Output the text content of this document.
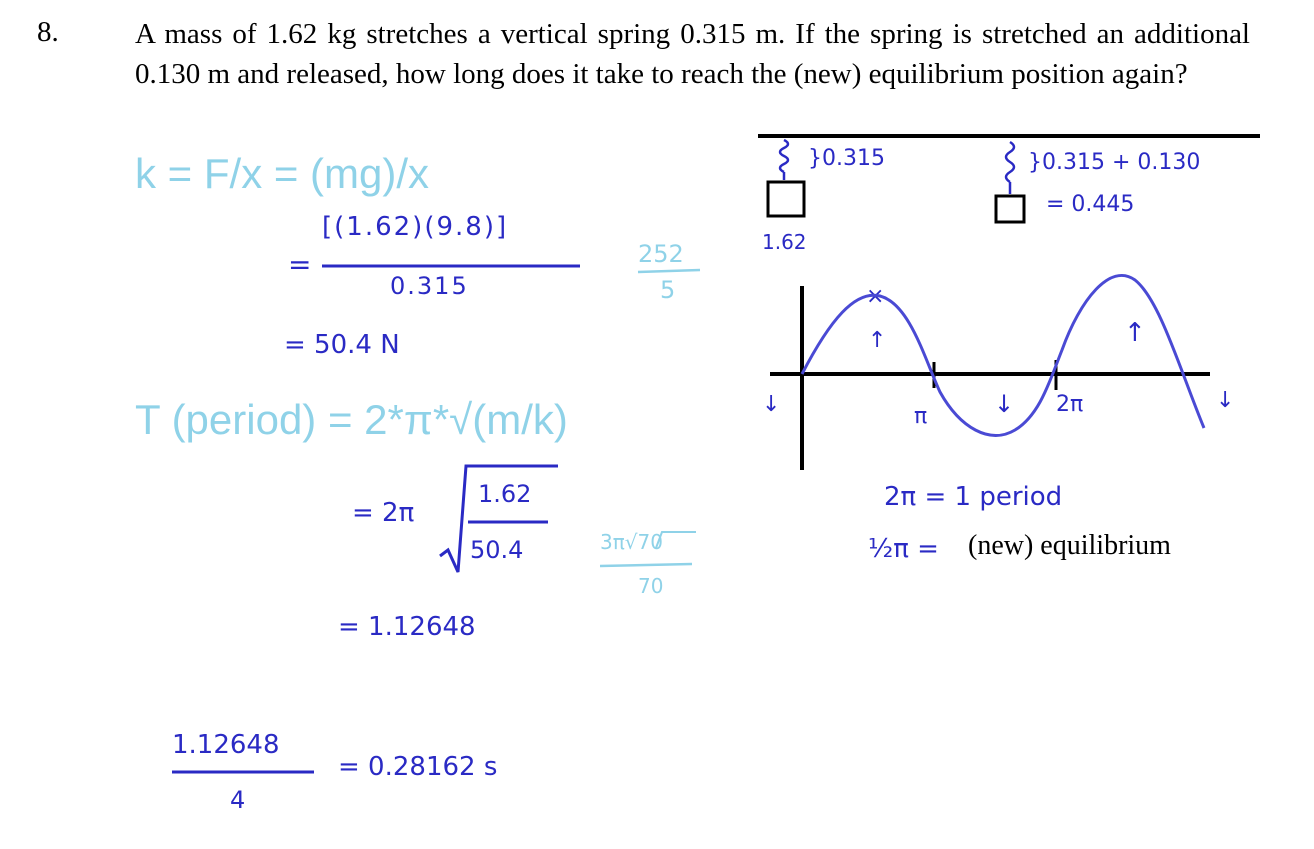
8.	A mass of 1.62 kg stretches a vertical spring 0.315 m. If the spring is stretched an additional 0.130 m and released, how long does it take to reach the (new) equilibrium position again?
k = F/x = (mg)/x
=
[(1.62)(9.8)]
0.315
= 50.4 N
252
5
T (period) = 2*π*√(m/k)
= 2π
1.62
50.4	3π√70
70
= 1.12648
1.12648
4
= 0.28162 s
}0.315
1.62
}0.315 + 0.130
= 0.445
×
↑	↑
↓	↓	↓
π	2π
2π = 1 period
½π = (new) equilibrium
